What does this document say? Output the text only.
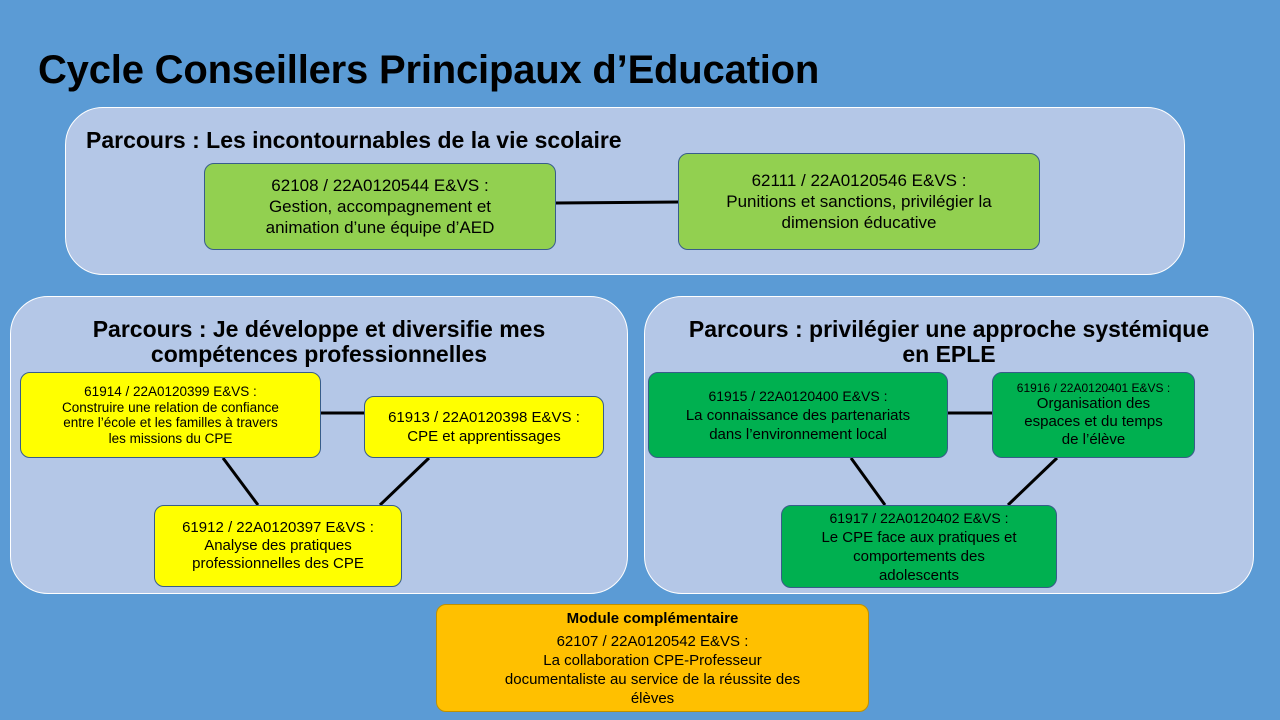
Cycle Conseillers Principaux d’Education
Parcours : Les incontournables de la vie scolaire
Parcours : Je développe et diversifie mes
compétences professionnelles
Parcours : privilégier une approche systémique
en EPLE
62108 / 22A0120544 E&VS :
Gestion, accompagnement et
animation d’une équipe d’AED
62111 / 22A0120546 E&VS :
Punitions et sanctions, privilégier la
dimension éducative
61914 / 22A0120399 E&VS :
Construire une relation de confiance
entre l’école et les familles à travers
les missions du CPE
61913 / 22A0120398 E&VS :
CPE et apprentissages
61912 / 22A0120397 E&VS :
Analyse des pratiques
professionnelles des CPE
61915 / 22A0120400 E&VS :
La connaissance des partenariats
dans l’environnement local
61916 / 22A0120401 E&VS :
Organisation des
espaces et du temps
de l’élève
61917 / 22A0120402 E&VS :
Le CPE face aux pratiques et
comportements des
adolescents
Module complémentaire
62107 / 22A0120542 E&VS :
La collaboration CPE-Professeur
documentaliste au service de la réussite des
élèves
